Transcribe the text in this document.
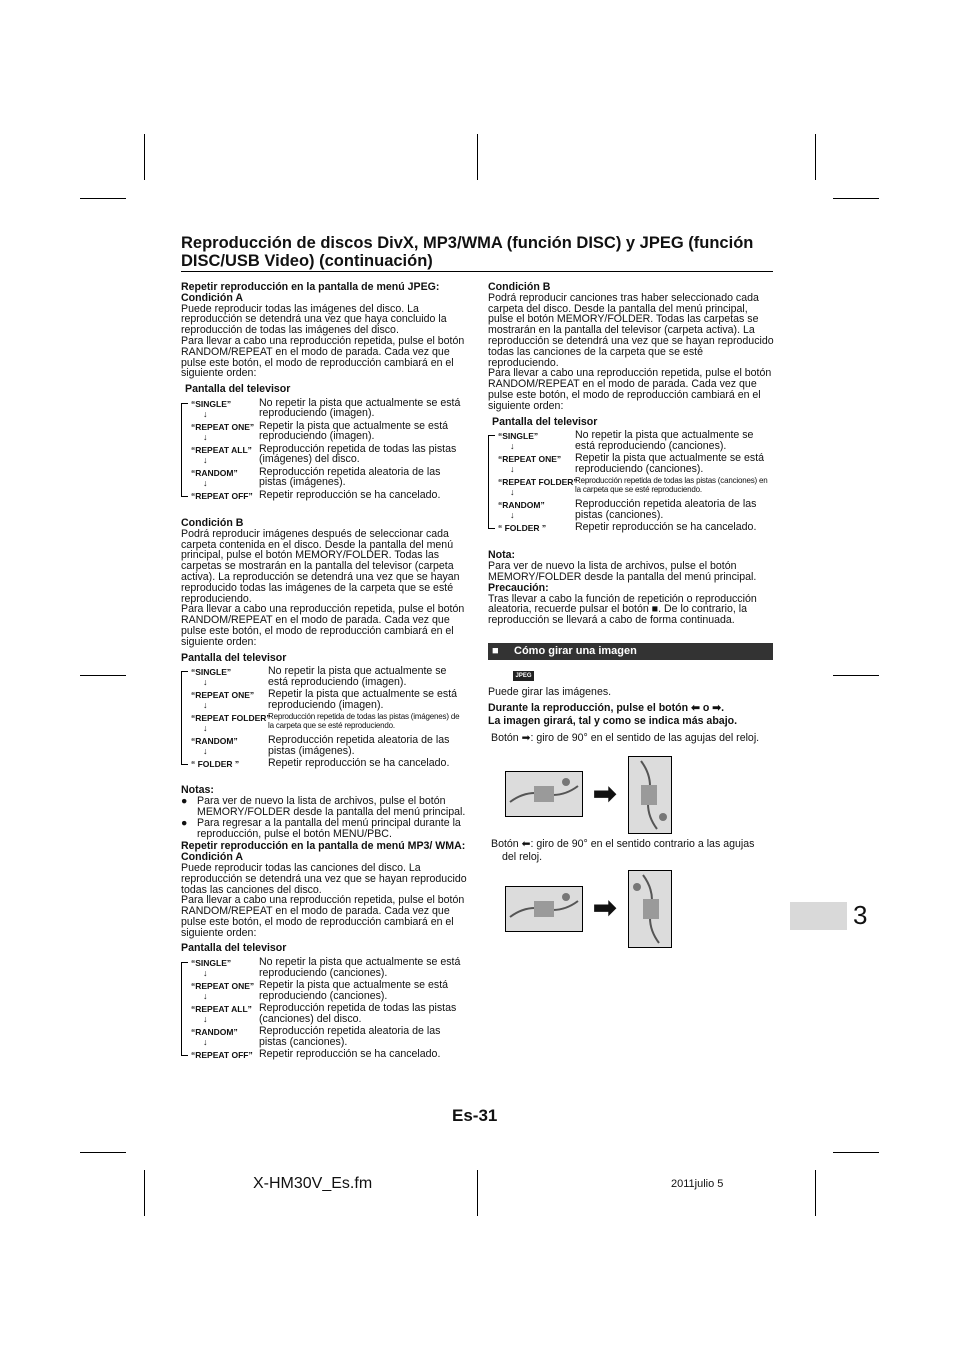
Reproducción de discos DivX, MP3/WMA (función DISC) y JPEG (función DISC/USB Video) (continuación)

Repetir reproducción en la pantalla de menú JPEG:

Condición A

Puede reproducir todas las imágenes del disco. La reproducción se detendrá una vez que haya concluido la reproducción de todas las imágenes del disco.

Para llevar a cabo una reproducción repetida, pulse el botón RANDOM/REPEAT en el modo de parada. Cada vez que pulse este botón, el modo de reproducción cambiará en el siguiente orden:

Pantalla del televisor

“SINGLE”	No repetir la pista que actualmente se está reproduciendo (imagen).
↓
“REPEAT ONE” Repetir la pista que actualmente se está reproduciendo (imagen).
↓
“REPEAT ALL” Reproducción repetida de todas las pistas (imágenes) del disco.
↓
“RANDOM” Reproducción repetida aleatoria de las pistas (imágenes).
↓
“REPEAT OFF” Repetir reproducción se ha cancelado.

Condición B

Podrá reproducir imágenes después de seleccionar cada carpeta contenida en el disco. Desde la pantalla del menú principal, pulse el botón MEMORY/FOLDER. Todas las carpetas se mostrarán en la pantalla del televisor (carpeta activa). La reproducción se detendrá una vez que se hayan reproducido todas las imágenes de la carpeta que se esté reproduciendo.

Para llevar a cabo una reproducción repetida, pulse el botón RANDOM/REPEAT en el modo de parada. Cada vez que pulse este botón, el modo de reproducción cambiará en el siguiente orden:

Pantalla del televisor

“SINGLE”	No repetir la pista que actualmente se está reproduciendo (imagen).
↓
“REPEAT ONE” Repetir la pista que actualmente se está reproduciendo (imagen).
↓
“REPEAT FOLDER”
Reproducción repetida de todas las pistas (imágenes) de la carpeta que se esté reproduciendo.
↓
“RANDOM”	Reproducción repetida aleatoria de las pistas (imágenes).
↓
“ FOLDER ”	Repetir reproducción se ha cancelado.

Notas:

● Para ver de nuevo la lista de archivos, pulse el botón MEMORY/FOLDER desde la pantalla del menú principal.
● Para regresar a la pantalla del menú principal durante la reproducción, pulse el botón MENU/PBC.

Repetir reproducción en la pantalla de menú MP3/ WMA: Condición A

Puede reproducir todas las canciones del disco. La reproducción se detendrá una vez que se hayan reproducido todas las canciones del disco.

Para llevar a cabo una reproducción repetida, pulse el botón RANDOM/REPEAT en el modo de parada. Cada vez que pulse este botón, el modo de reproducción cambiará en el siguiente orden:

Pantalla del televisor

“SINGLE”	No repetir la pista que actualmente se está reproduciendo (canciones).
↓
“REPEAT ONE” Repetir la pista que actualmente se está reproduciendo (canciones).
↓
“REPEAT ALL” Reproducción repetida de todas las pistas (canciones) del disco.
↓
“RANDOM” Reproducción repetida aleatoria de las pistas (canciones).
↓
“REPEAT OFF” Repetir reproducción se ha cancelado.

Condición B

Podrá reproducir canciones tras haber seleccionado cada carpeta del disco. Desde la pantalla del menú principal, pulse el botón MEMORY/FOLDER. Todas las carpetas se mostrarán en la pantalla del televisor (carpeta activa). La reproducción se detendrá una vez que se hayan reproducido todas las canciones de la carpeta que se esté reproduciendo.

Para llevar a cabo una reproducción repetida, pulse el botón RANDOM/REPEAT en el modo de parada. Cada vez que pulse este botón, el modo de reproducción cambiará en el siguiente orden:

Pantalla del televisor

“SINGLE”	No repetir la pista que actualmente se está reproduciendo (canciones).
↓
“REPEAT ONE” Repetir la pista que actualmente se está reproduciendo (canciones).
↓
“REPEAT FOLDER”
Reproducción repetida de todas las pistas (canciones) en la carpeta que se esté reproduciendo.
↓
“RANDOM”	Reproducción repetida aleatoria de las pistas (canciones).
↓
“ FOLDER ”	Repetir reproducción se ha cancelado.

Nota:

Para ver de nuevo la lista de archivos, pulse el botón MEMORY/FOLDER desde la pantalla del menú principal.

Precaución:

Tras llevar a cabo la función de repetición o reproducción aleatoria, recuerde pulsar el botón ■. De lo contrario, la reproducción se llevará a cabo de forma continuada.

■ Cómo girar una imagen
JPEG
Puede girar las imágenes.
Durante la reproducción, pulse el botón ⬅ o ➡.
La imagen girará, tal y como se indica más abajo.
Botón ➡: giro de 90° en el sentido de las agujas del reloj.
➡
Botón ⬅: giro de 90° en el sentido contrario a las agujas
del reloj.
➡	3
Es-31
X-HM30V_Es.fm	2011julio 5
